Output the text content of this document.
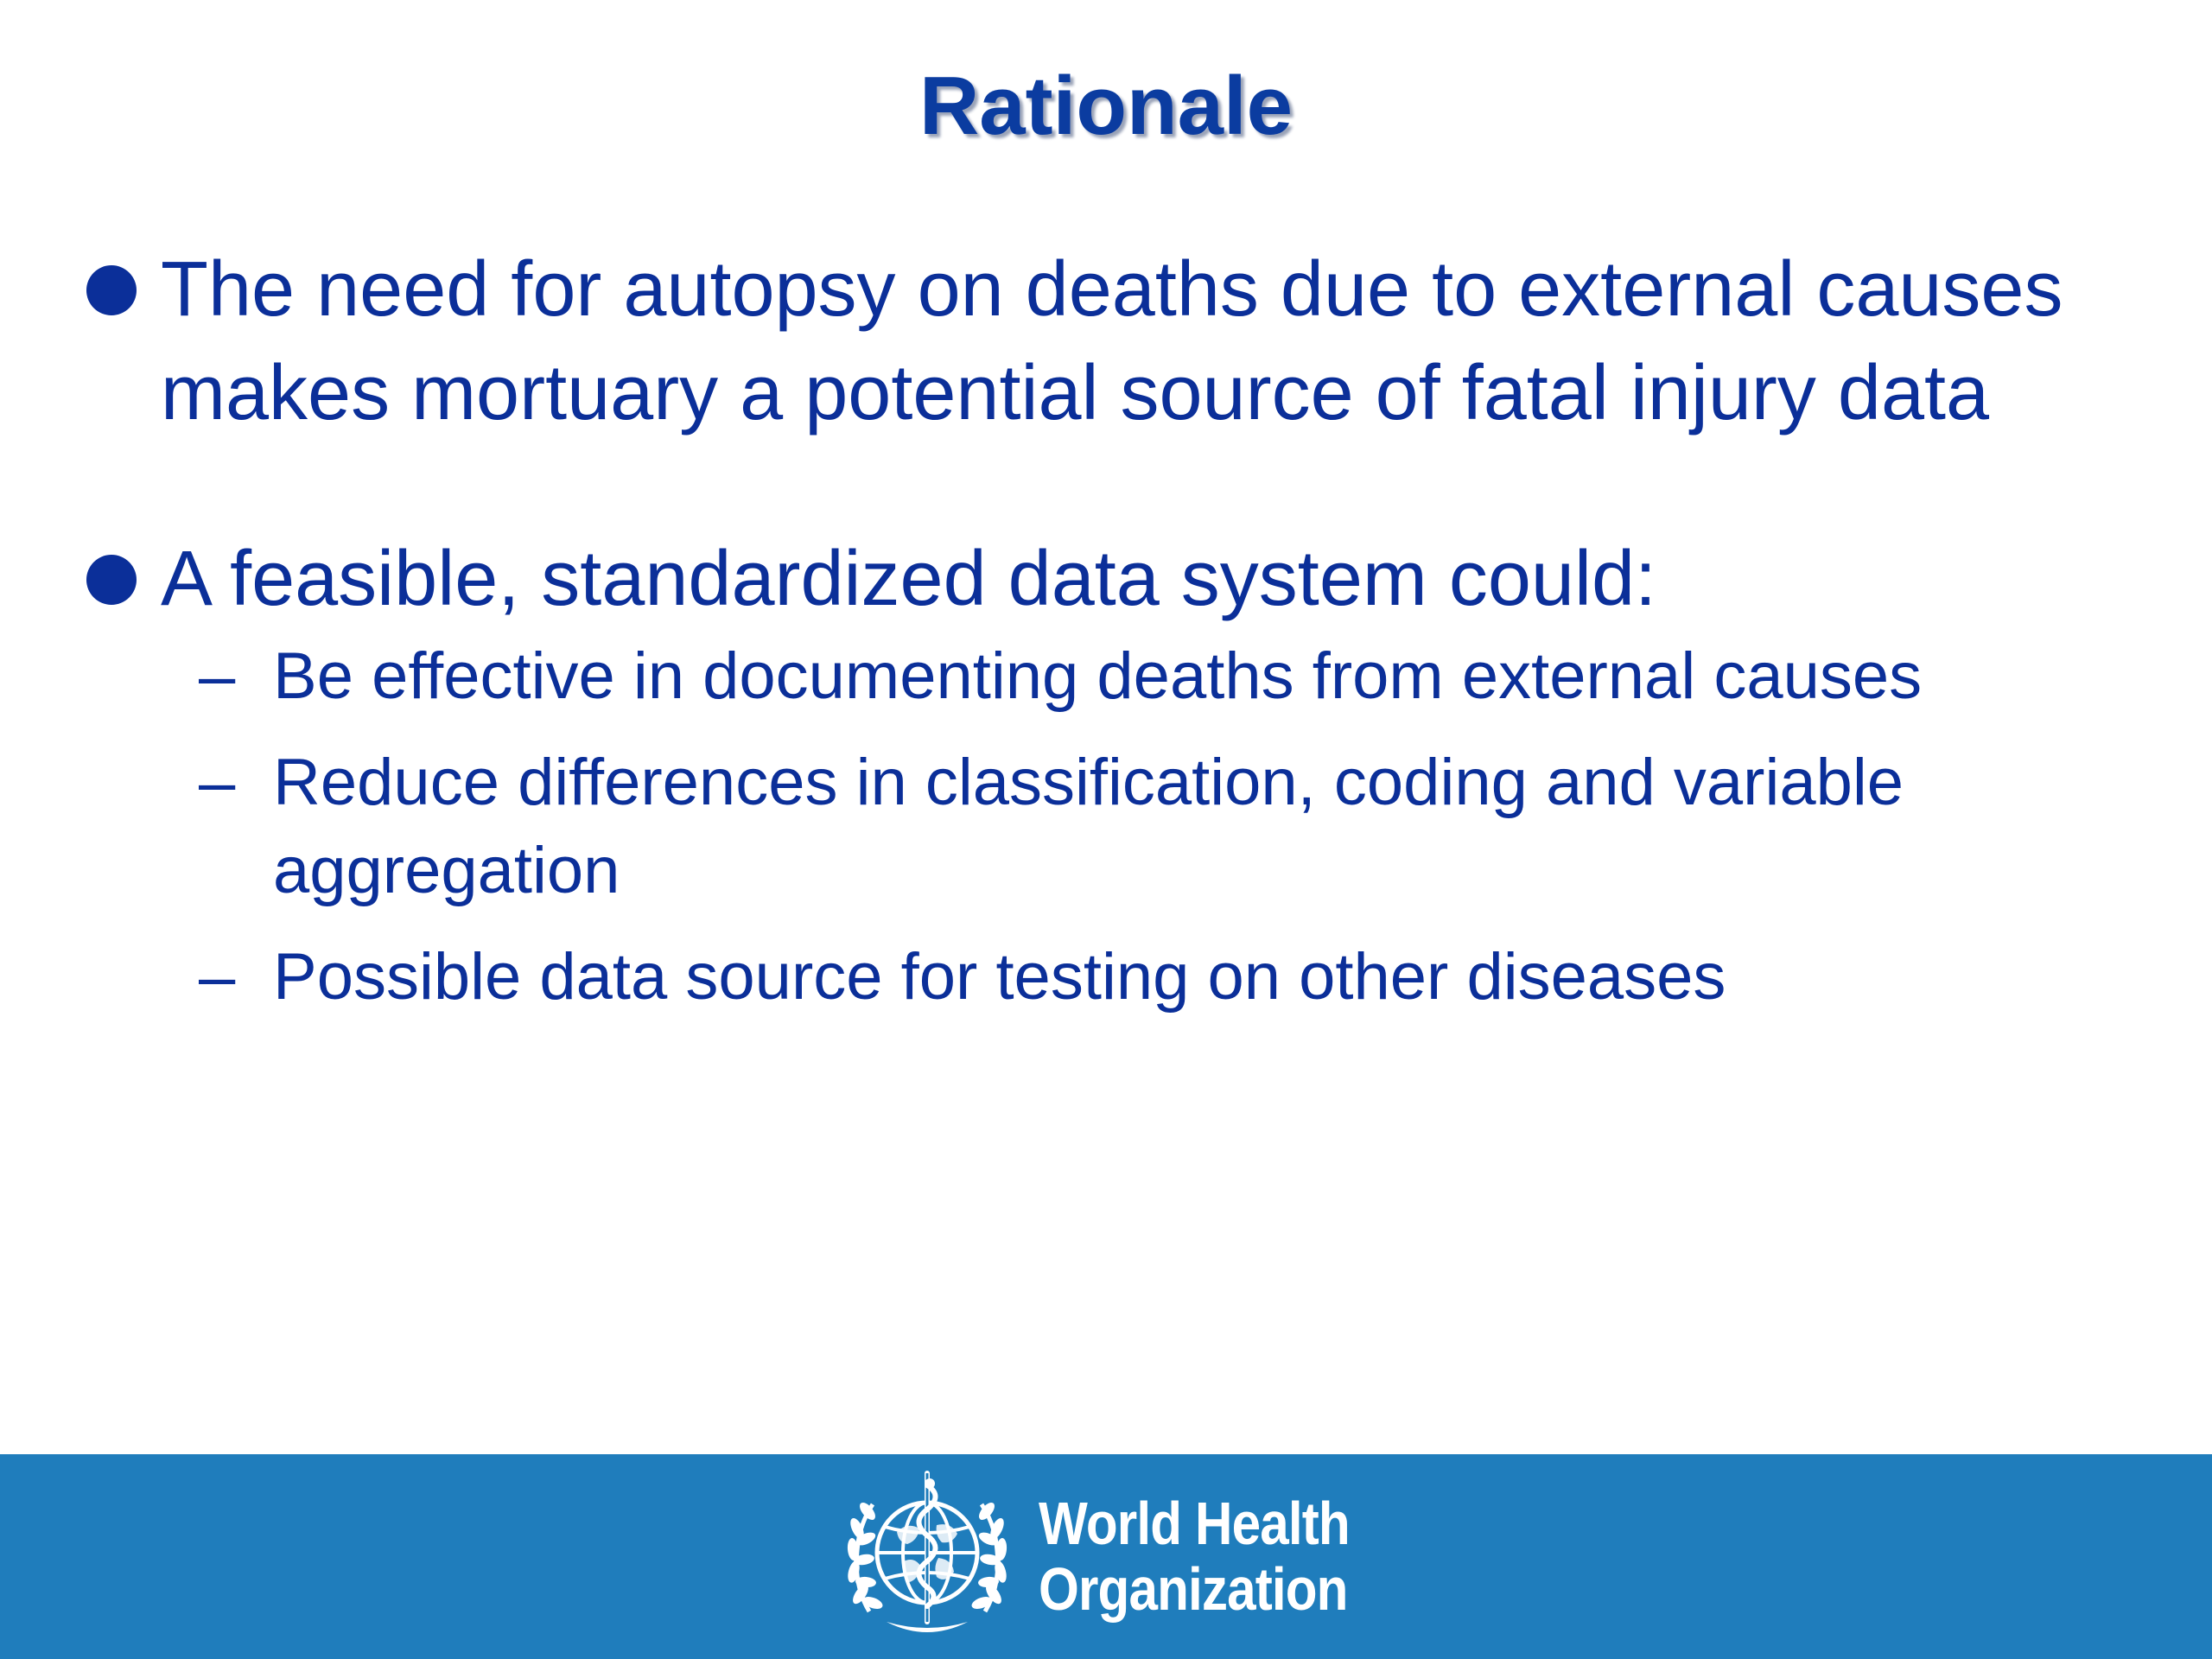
Rationale
The need for autopsy on deaths due to external causes makes mortuary a potential source of fatal injury data
A feasible, standardized data system could:
– Be effective in documenting deaths from external causes
– Reduce differences in classification, coding and variable aggregation
– Possible data source for testing on other diseases
World Health
Organization
